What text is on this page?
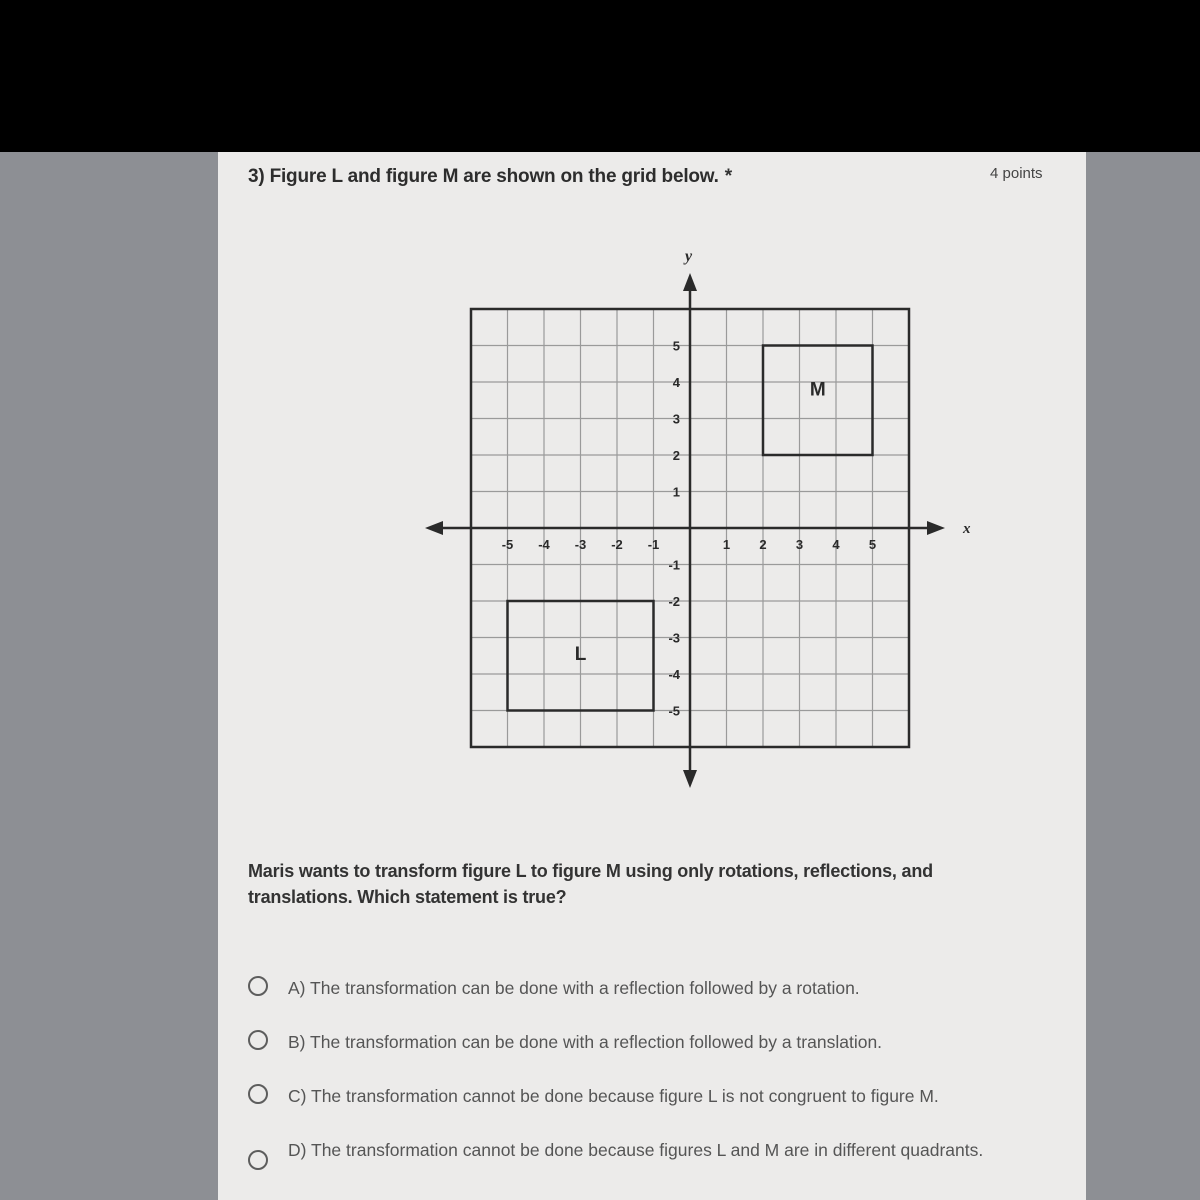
3) Figure L and figure M are shown on the grid below. *	4 points
x
y
-5 -4 -3 -2 -1	1 2 3 4 5
5
4
3
2
1
-1
-2
-3
-4
-5
L
M
Maris wants to transform figure L to figure M using only rotations, reflections, and translations. Which statement is true?
A) The transformation can be done with a reflection followed by a rotation.
B) The transformation can be done with a reflection followed by a translation.
C) The transformation cannot be done because figure L is not congruent to figure M.
D) The transformation cannot be done because figures L and M are in different quadrants.
